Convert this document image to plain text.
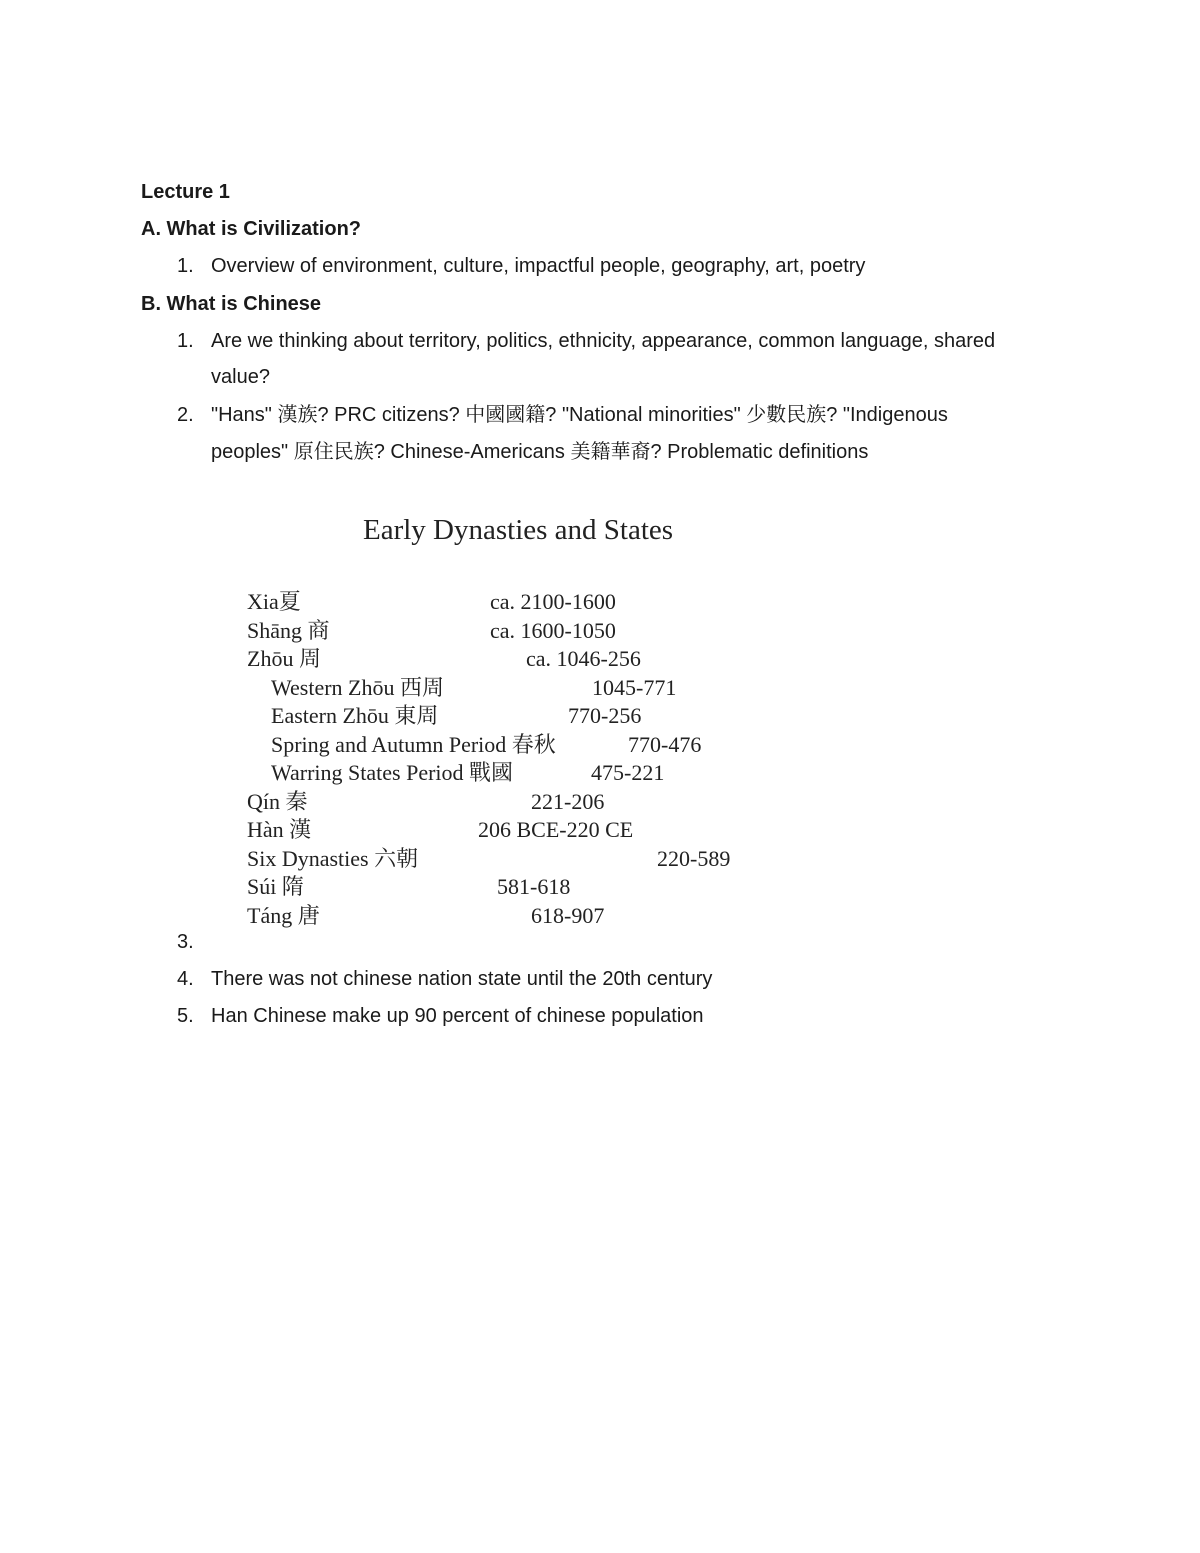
Lecture 1
A. What is Civilization?
1. Overview of environment, culture, impactful people, geography, art, poetry
B. What is Chinese
1. Are we thinking about territory, politics, ethnicity, appearance, common language, shared
value?
2. "Hans" 漢族? PRC citizens? 中國國籍? "National minorities" 少數民族? "Indigenous
peoples" 原住民族? Chinese-Americans 美籍華裔? Problematic definitions
Early Dynasties and States
Xia夏	ca. 2100-1600
Shāng 商	ca. 1600-1050
Zhōu 周	ca. 1046-256
Western Zhōu 西周	1045-771
Eastern Zhōu 東周	770-256
Spring and Autumn Period 春秋	770-476
Warring States Period 戰國	475-221
Qín 秦	221-206
Hàn 漢	206 BCE-220 CE
Six Dynasties 六朝	220-589
Súi 隋	581-618
Táng 唐	618-907
3.
4. There was not chinese nation state until the 20th century
5. Han Chinese make up 90 percent of chinese population
